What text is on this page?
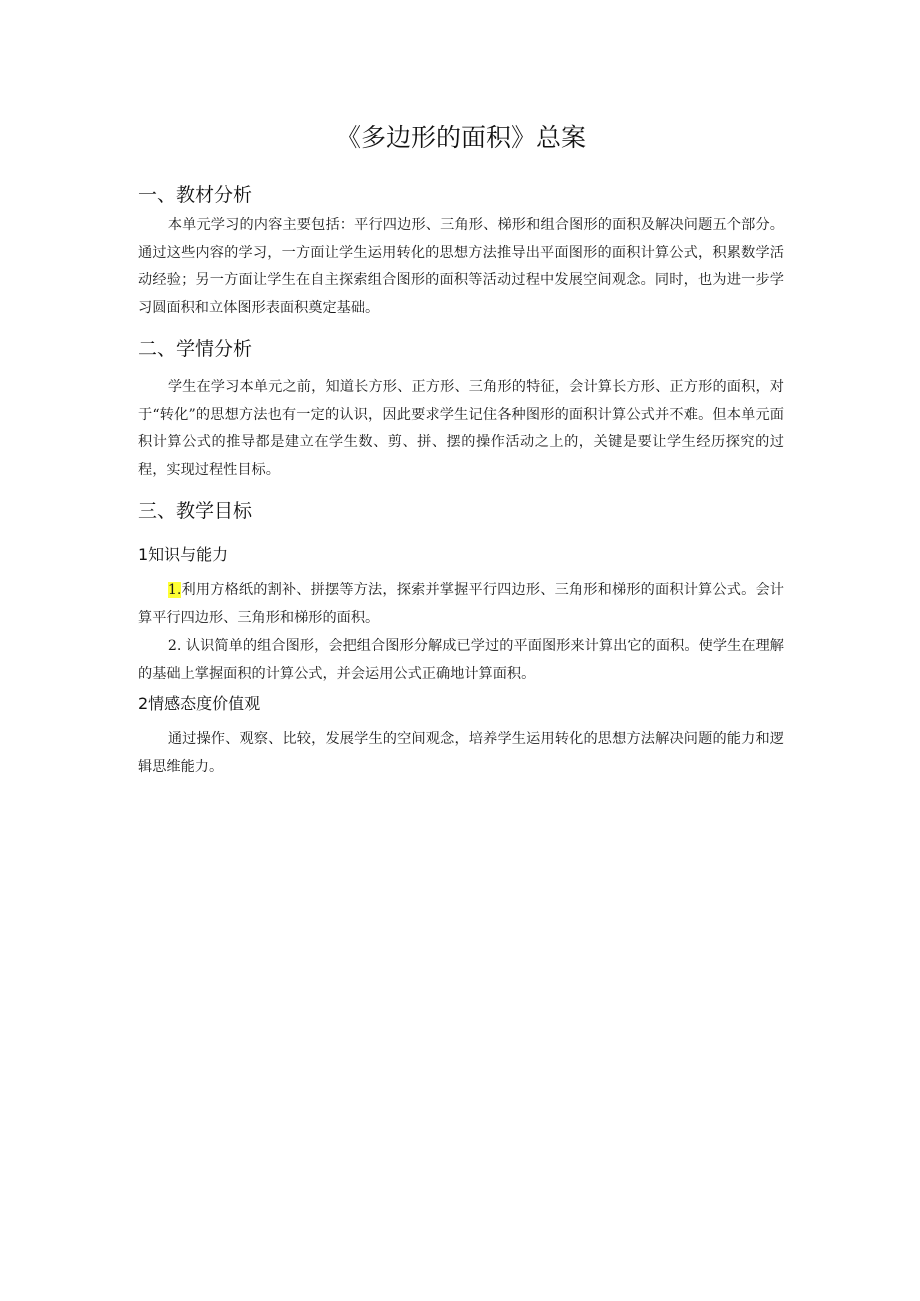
《多边形的面积》总案
一、教材分析

本单元学习的内容主要包括：平行四边形、三角形、梯形和组合图形的面积及解决问题五个部分。通过这些内容的学习，一方面让学生运用转化的思想方法推导出平面图形的面积计算公式，积累数学活动经验；另一方面让学生在自主探索组合图形的面积等活动过程中发展空间观念。同时，也为进一步学习圆面积和立体图形表面积奠定基础。

二、学情分析

学生在学习本单元之前，知道长方形、正方形、三角形的特征，会计算长方形、正方形的面积，对于“转化”的思想方法也有一定的认识，因此要求学生记住各种图形的面积计算公式并不难。但本单元面积计算公式的推导都是建立在学生数、剪、拼、摆的操作活动之上的，关键是要让学生经历探究的过程，实现过程性目标。

三、教学目标
1知识与能力

1.利用方格纸的割补、拼摆等方法，探索并掌握平行四边形、三角形和梯形的面积计算公式。会计算平行四边形、三角形和梯形的面积。

2. 认识简单的组合图形，会把组合图形分解成已学过的平面图形来计算出它的面积。使学生在理解的基础上掌握面积的计算公式，并会运用公式正确地计算面积。

2情感态度价值观

通过操作、观察、比较，发展学生的空间观念，培养学生运用转化的思想方法解决问题的能力和逻辑思维能力。
